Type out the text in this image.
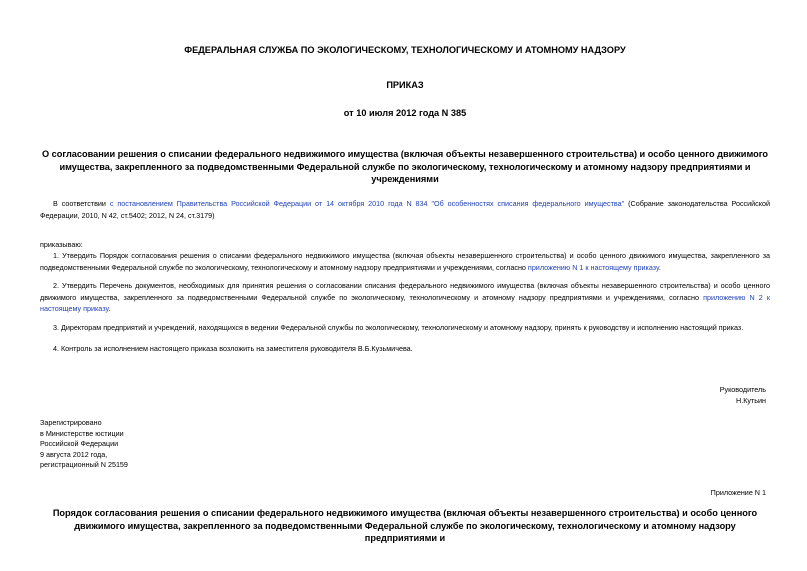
ФЕДЕРАЛЬНАЯ СЛУЖБА ПО ЭКОЛОГИЧЕСКОМУ, ТЕХНОЛОГИЧЕСКОМУ И АТОМНОМУ НАДЗОРУ
ПРИКАЗ
от 10 июля 2012 года N 385
О согласовании решения о списании федерального недвижимого имущества (включая объекты незавершенного строительства) и особо ценного движимого имущества, закрепленного за подведомственными Федеральной службе по экологическому, технологическому и атомному надзору предприятиями и учреждениями
В соответствии с постановлением Правительства Российской Федерации от 14 октября 2010 года N 834 "Об особенностях списания федерального имущества" (Собрание законодательства Российской Федерации, 2010, N 42, ст.5402; 2012, N 24, ст.3179)
приказываю:
1. Утвердить Порядок согласования решения о списании федерального недвижимого имущества (включая объекты незавершенного строительства) и особо ценного движимого имущества, закрепленного за подведомственными Федеральной службе по экологическому, технологическому и атомному надзору предприятиями и учреждениями, согласно приложению N 1 к настоящему приказу.
2. Утвердить Перечень документов, необходимых для принятия решения о согласовании списания федерального недвижимого имущества (включая объекты незавершенного строительства) и особо ценного движимого имущества, закрепленного за подведомственными Федеральной службе по экологическому, технологическому и атомному надзору предприятиями и учреждениями, согласно приложению N 2 к настоящему приказу.
3. Директорам предприятий и учреждений, находящихся в ведении Федеральной службы по экологическому, технологическому и атомному надзору, принять к руководству и исполнению настоящий приказ.
4. Контроль за исполнением настоящего приказа возложить на заместителя руководителя В.Б.Кузьмичева.
Руководитель
Н.Кутьин
Зарегистрировано
в Министерстве юстиции
Российской Федерации
9 августа 2012 года,
регистрационный N 25159
Приложение N 1
Порядок согласования решения о списании федерального недвижимого имущества (включая объекты незавершенного строительства) и особо ценного движимого имущества, закрепленного за подведомственными Федеральной службе по экологическому, технологическому и атомному надзору предприятиями и
